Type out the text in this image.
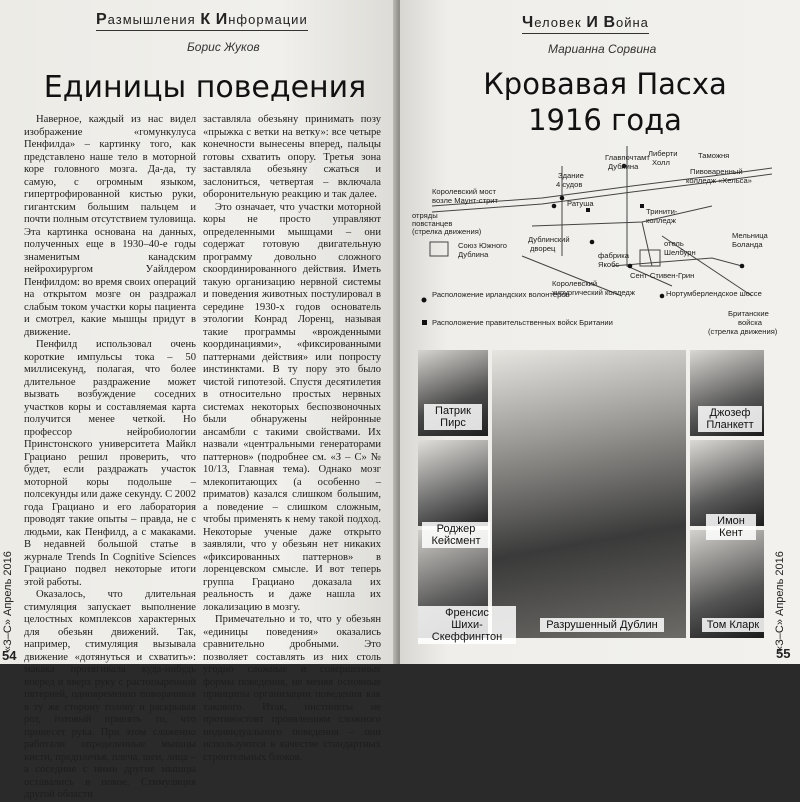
Размышления К Информации
Борис Жуков
Единицы поведения

Наверное, каждый из нас видел изображение «гомункулуса Пенфилда» – картинку того, как представлено наше тело в моторной коре головного мозга. Да-да, ту самую, с огромным языком, гипертрофированной кистью руки, гигантским большим пальцем и почти полным отсутствием туловища. Эта картинка основана на данных, полученных еще в 1930–40-е годы знаменитым канадским нейрохирургом Уайлдером Пенфилдом: во время своих операций на открытом мозге он раздражал слабым током участки коры пациента и смотрел, какие мышцы придут в движение.

Пенфилд использовал очень короткие импульсы тока – 50 миллисекунд, полагая, что более длительное раздражение может вызвать возбуждение соседних участков коры и составляемая карта получится менее четкой. Но профессор нейробиологии Принстонского университета Майкл Грациано решил проверить, что будет, если раздражать участок моторной коры подольше – полсекунды или даже секунду. С 2002 года Грациано и его лаборатория проводят такие опыты – правда, не с людьми, как Пенфилд, а с макаками. В недавней большой статье в журнале Trends In Cognitive Sciences Грациано подвел некоторые итоги этой работы.

Оказалось, что длительная стимуляция запускает выполнение целостных комплексов характерных для обезьян движений. Так, например, стимуляция вызывала движение «дотянуться и схватить»: макака протягивала куда-нибудь вперед и вверх руку с растопыренной пятерней, одновременно поворачивая в ту же сторону голову и раскрывая рот, готовый принять то, что принесет рука. При этом слаженно работали определенные мышцы кисти, предплечья, плеча, шеи, лица – а соседние с ними другие мышцы оставались в покое. Стимуляция другой области

заставляла обезьяну принимать позу «прыжка с ветки на ветку»: все четыре конечности вынесены вперед, пальцы готовы схватить опору. Третья зона заставляла обезьяну сжаться и заслониться, четвертая – включала оборонительную реакцию и так далее.

Это означает, что участки моторной коры не просто управляют определенными мышцами – они содержат готовую двигательную программу довольно сложного скоординированного действия. Иметь такую организацию нервной системы и поведения животных постулировал в середине 1930-х годов основатель этологии Конрад Лоренц, называя такие программы «врожденными координациями», «фиксированными паттернами действия» или попросту инстинктами. В ту пору это было чистой гипотезой. Спустя десятилетия в относительно простых нервных системах некоторых беспозвоночных были обнаружены нейронные ансамбли с такими свойствами. Их назвали «центральными генераторами паттернов» (подробнее см. «З – С» № 10/13, Главная тема). Однако мозг млекопитающих (а особенно – приматов) казался слишком большим, а поведение – слишком сложным, чтобы применять к нему такой подход. Некоторые ученые даже открыто заявляли, что у обезьян нет никаких «фиксированных паттернов» в лоренцевском смысле. И вот теперь группа Грациано доказала их реальность и даже нашла их локализацию в мозгу.

Примечательно и то, что у обезьян «единицы поведения» оказались сравнительно дробными. Это позволяет составлять из них столь угодно сложные и совершенные формы поведения, не меняя основные принципы организации поведения как такового. Итак, инстинкты не противостоят проявлениям сложного индивидуального поведения – они используются в качестве стандартных строительных блоков.

«З–С» Апрель 2016
54
Человек И Война
Марианна Сорвина
Кровавая Пасха
1916 года
«З–С» Апрель 2016
55
Главпочтамт
Дублина
Либерти
Холл
Таможня
Здание
4 судов
Пивоваренный
колледж «Хельса»
Королевский мост
возле Маунт-стрит	Ратуша
Тринити-
колледж
отряды
повстанцев
(стрелка движения)
Союз Южного
Дублина
Дублинский
дворец
фабрика
Якобс
отель
Шелбурн
Мельница
Боланда
Сент-Стивен-Грин
Королевский
хирургический колледж	Нортумберлендское шоссе
Британские
войска
(стрелка движения)
Расположение ирландских волонтёров
Расположение правительственных войск Британии
Патрик
Пирс
Джозеф
Планкетт
Роджер
Кейсмент
Имон
Кент
Френсис
Шихи-Скеффингтон
Том Кларк
Разрушенный Дублин
